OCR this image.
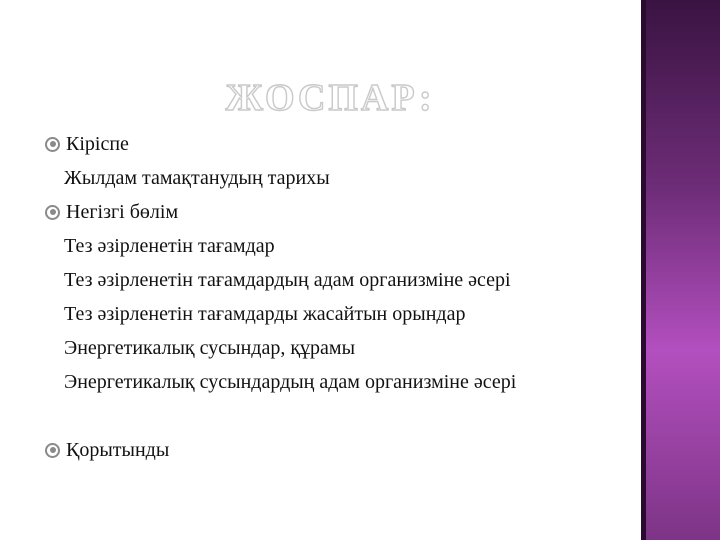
ЖОСПАР:
Кіріспе
Жылдам тамақтанудың тарихы
Негізгі бөлім
Тез әзірленетін тағамдар
Тез әзірленетін тағамдардың адам организміне әсері
Тез әзірленетін тағамдарды жасайтын орындар
Энергетикалық сусындар, құрамы
Энергетикалық сусындардың адам организміне әсері
Қорытынды
